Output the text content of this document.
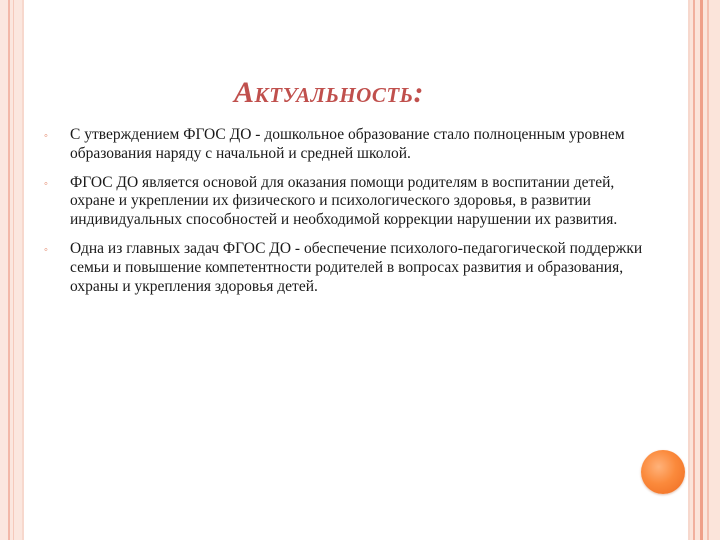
Актуальность:
◦ С утверждением ФГОС ДО - дошкольное образование стало полноценным уровнем образования наряду с начальной и средней школой.
◦ ФГОС ДО является основой для оказания помощи родителям в воспитании детей, охране и укреплении их физического и психологического здоровья, в развитии индивидуальных способностей и необходимой коррекции нарушении их развития.
◦ Одна из главных задач ФГОС ДО - обеспечение психолого-педагогической поддержки семьи и повышение компетентности родителей в вопросах развития и образования, охраны и укрепления здоровья детей.
